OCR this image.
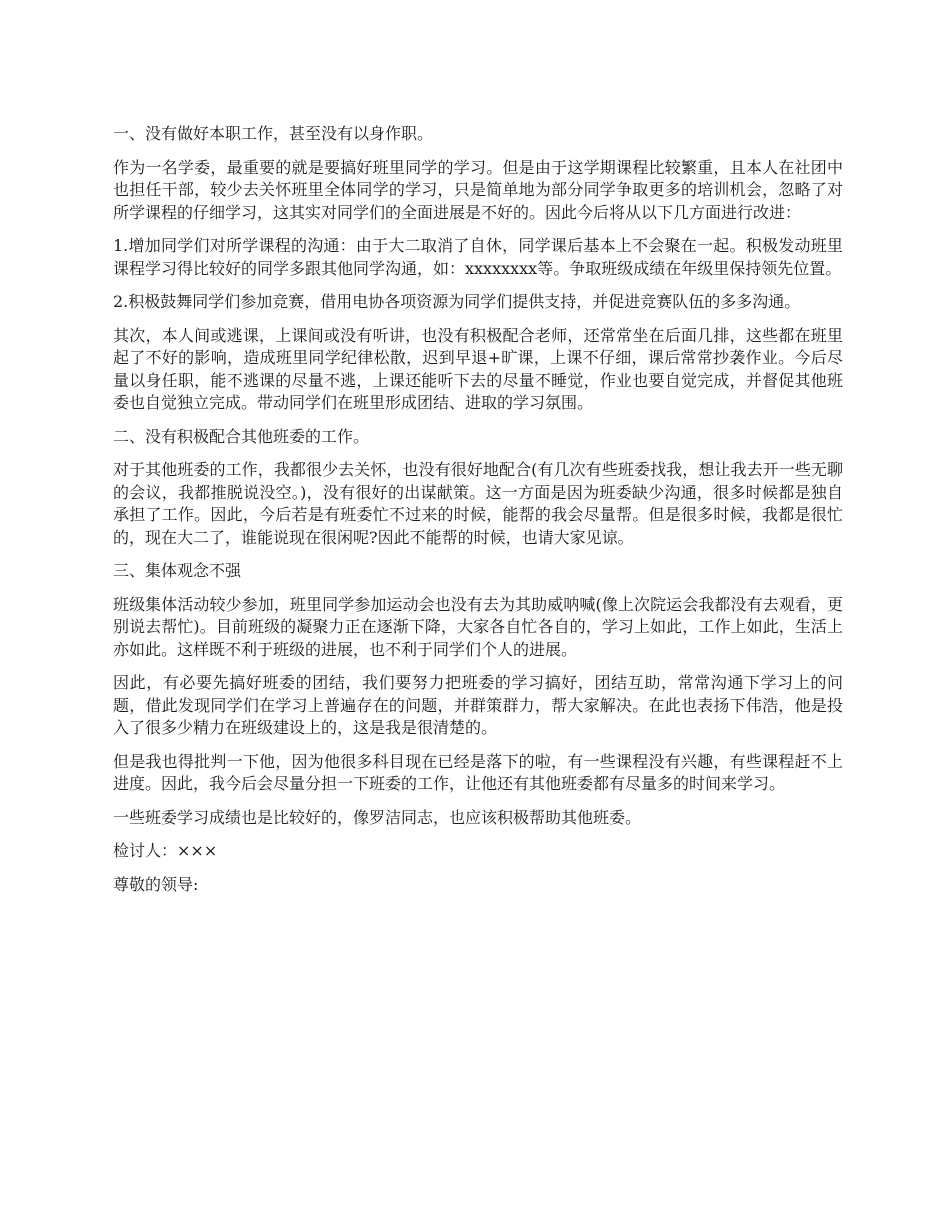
一、没有做好本职工作，甚至没有以身作职。

作为一名学委，最重要的就是要搞好班里同学的学习。但是由于这学期课程比较繁重，且本人在社团中也担任干部，较少去关怀班里全体同学的学习，只是简单地为部分同学争取更多的培训机会，忽略了对所学课程的仔细学习，这其实对同学们的全面进展是不好的。因此今后将从以下几方面进行改进：

1.增加同学们对所学课程的沟通：由于大二取消了自休，同学课后基本上不会聚在一起。积极发动班里课程学习得比较好的同学多跟其他同学沟通，如：xxxxxxxx等。争取班级成绩在年级里保持领先位置。

2.积极鼓舞同学们参加竞赛，借用电协各项资源为同学们提供支持，并促进竞赛队伍的多多沟通。

其次，本人间或逃课，上课间或没有听讲，也没有积极配合老师，还常常坐在后面几排，这些都在班里起了不好的影响，造成班里同学纪律松散，迟到早退+旷课，上课不仔细，课后常常抄袭作业。今后尽量以身任职，能不逃课的尽量不逃，上课还能听下去的尽量不睡觉，作业也要自觉完成，并督促其他班委也自觉独立完成。带动同学们在班里形成团结、进取的学习氛围。

二、没有积极配合其他班委的工作。

对于其他班委的工作，我都很少去关怀，也没有很好地配合(有几次有些班委找我，想让我去开一些无聊的会议，我都推脱说没空。)，没有很好的出谋献策。这一方面是因为班委缺少沟通，很多时候都是独自承担了工作。因此，今后若是有班委忙不过来的时候，能帮的我会尽量帮。但是很多时候，我都是很忙的，现在大二了，谁能说现在很闲呢?因此不能帮的时候，也请大家见谅。

三、集体观念不强

班级集体活动较少参加，班里同学参加运动会也没有去为其助威呐喊(像上次院运会我都没有去观看，更别说去帮忙)。目前班级的凝聚力正在逐渐下降，大家各自忙各自的，学习上如此，工作上如此，生活上亦如此。这样既不利于班级的进展，也不利于同学们个人的进展。

因此，有必要先搞好班委的团结，我们要努力把班委的学习搞好，团结互助，常常沟通下学习上的问题，借此发现同学们在学习上普遍存在的问题，并群策群力，帮大家解决。在此也表扬下伟浩，他是投入了很多少精力在班级建设上的，这是我是很清楚的。

但是我也得批判一下他，因为他很多科目现在已经是落下的啦，有一些课程没有兴趣，有些课程赶不上进度。因此，我今后会尽量分担一下班委的工作，让他还有其他班委都有尽量多的时间来学习。

一些班委学习成绩也是比较好的，像罗洁同志，也应该积极帮助其他班委。

检讨人：×××

尊敬的领导:
